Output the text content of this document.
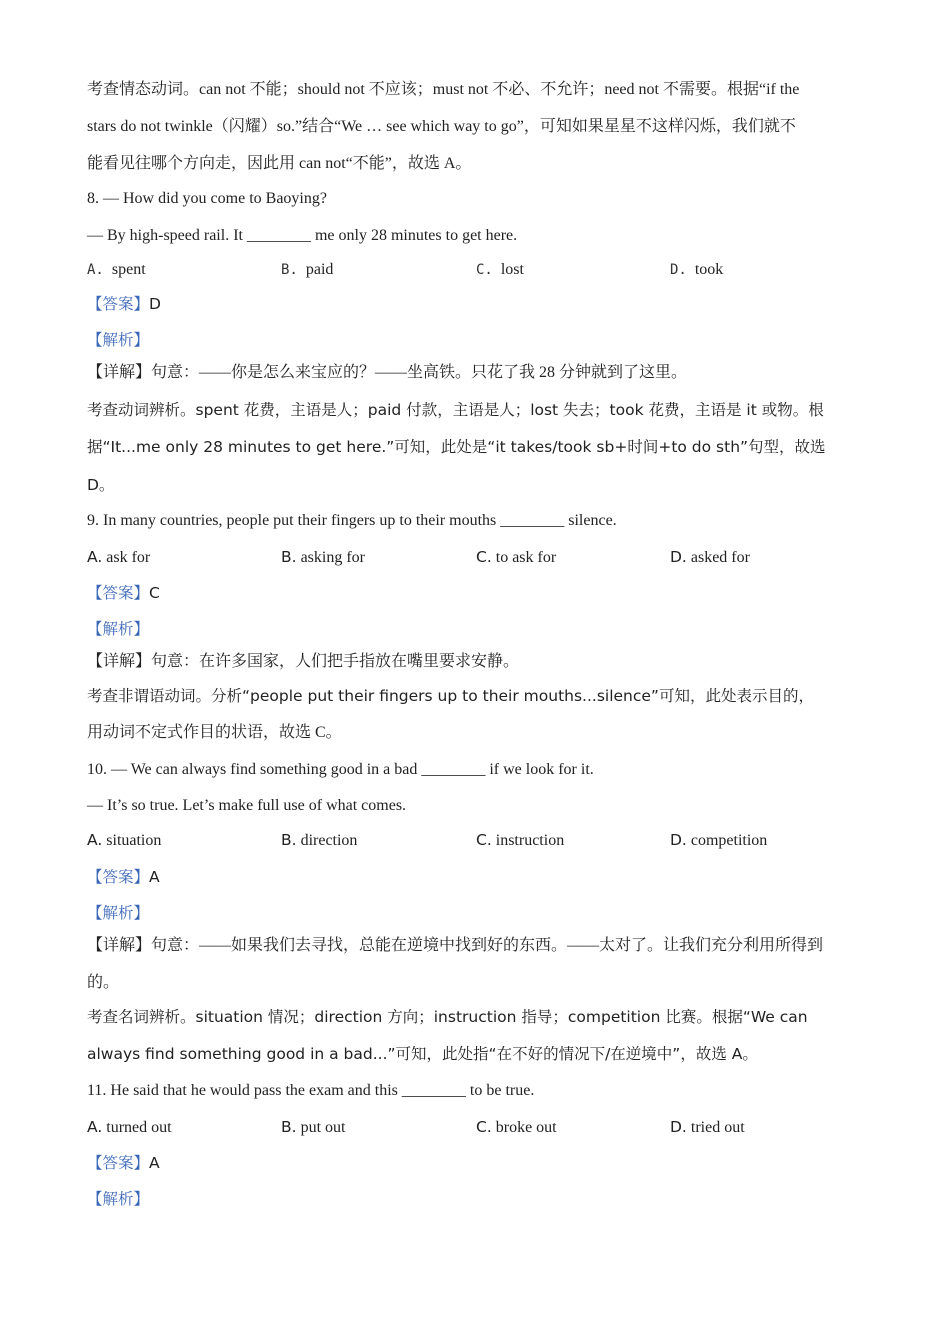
考查情态动词。can not 不能；should not 不应该；must not 不必、不允许；need not 不需要。根据“if the
stars do not twinkle（闪耀）so.”结合“We … see which way to go”，可知如果星星不这样闪烁，我们就不
能看见往哪个方向走，因此用 can not“不能”，故选 A。
8. — How did you come to Baoying?
— By high-speed rail. It ________ me only 28 minutes to get here.
A. spent	B. paid	C. lost	D. took
【答案】D
【解析】
【详解】句意：——你是怎么来宝应的？——坐高铁。只花了我 28 分钟就到了这里。
考查动词辨析。spent 花费，主语是人；paid 付款，主语是人；lost 失去；took 花费，主语是 it 或物。根
据“It...me only 28 minutes to get here.”可知，此处是“it takes/took sb+时间+to do sth”句型，故选
D。
9. In many countries, people put their fingers up to their mouths ________ silence.
A. ask for	B. asking for	C. to ask for	D. asked for
【答案】C
【解析】
【详解】句意：在许多国家，人们把手指放在嘴里要求安静。
考查非谓语动词。分析“people put their fingers up to their mouths...silence”可知，此处表示目的，
用动词不定式作目的状语，故选 C。
10. — We can always find something good in a bad ________ if we look for it.
— It’s so true. Let’s make full use of what comes.
A. situation	B. direction	C. instruction	D. competition
【答案】A
【解析】
【详解】句意：——如果我们去寻找，总能在逆境中找到好的东西。——太对了。让我们充分利用所得到
的。
考查名词辨析。situation 情况；direction 方向；instruction 指导；competition 比赛。根据“We can
always find something good in a bad...”可知，此处指“在不好的情况下/在逆境中”，故选 A。
11. He said that he would pass the exam and this ________ to be true.
A. turned out	B. put out	C. broke out	D. tried out
【答案】A
【解析】
